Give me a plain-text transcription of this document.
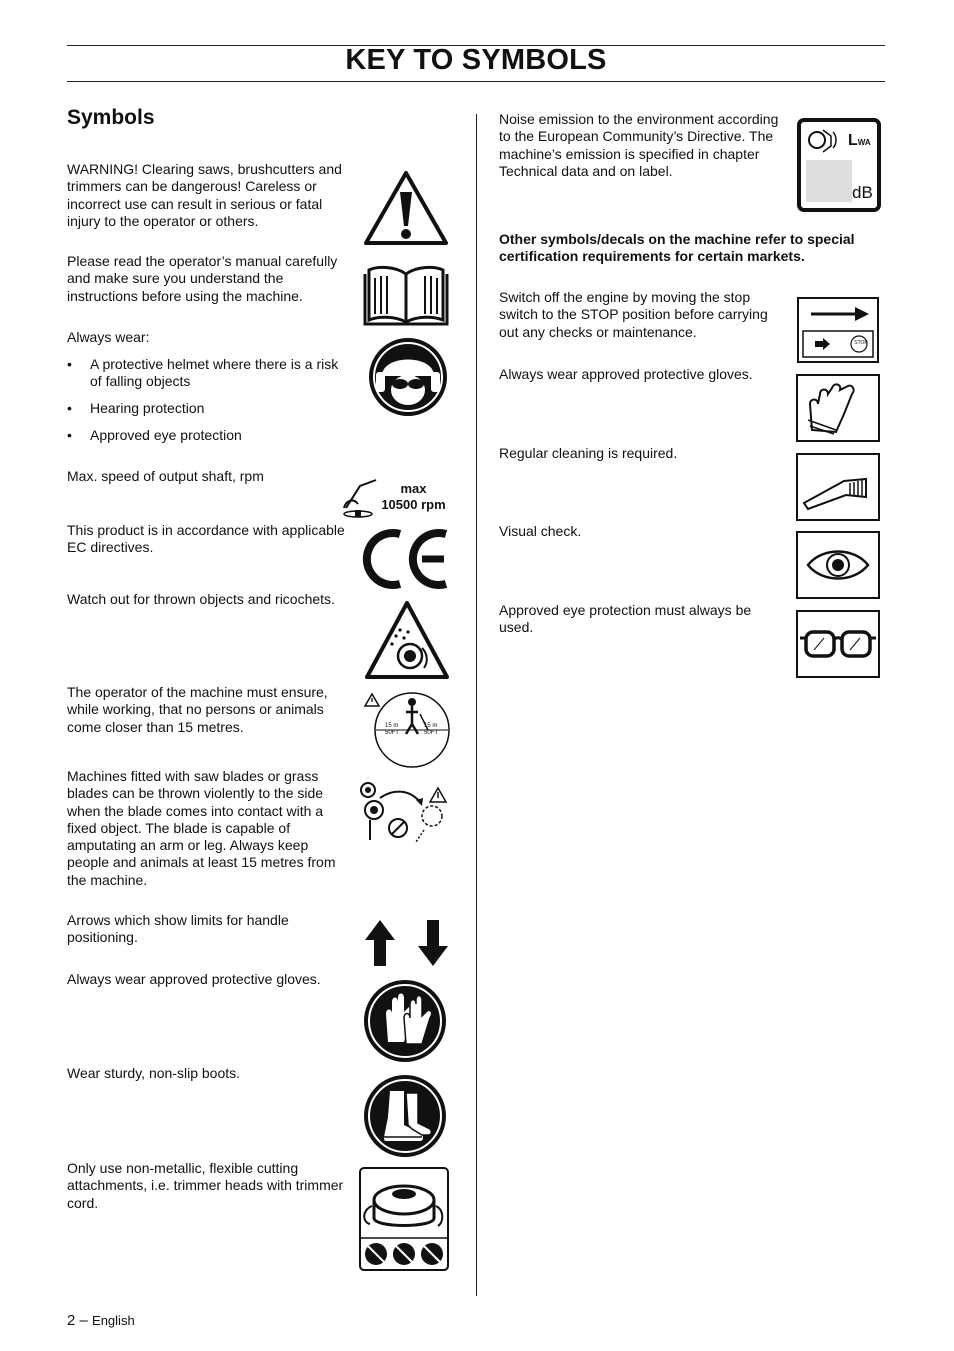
KEY TO SYMBOLS
Symbols
WARNING! Clearing saws, brushcutters and trimmers can be dangerous! Careless or incorrect use can result in serious or fatal injury to the operator or others.
Please read the operator’s manual carefully and make sure you understand the instructions before using the machine.
Always wear:
• A protective helmet where there is a risk of falling objects
• Hearing protection
• Approved eye protection
Max. speed of output shaft, rpm
This product is in accordance with applicable EC directives.
Watch out for thrown objects and ricochets.
The operator of the machine must ensure, while working, that no persons or animals come closer than 15 metres.
Machines fitted with saw blades or grass blades can be thrown violently to the side when the blade comes into contact with a fixed object. The blade is capable of amputating an arm or leg. Always keep people and animals at least 15 metres from the machine.
Arrows which show limits for handle positioning.
Always wear approved protective gloves.
Wear sturdy, non-slip boots.
Only use non-metallic, flexible cutting attachments, i.e. trimmer heads with trimmer cord.
max
10500 rpm
15 m
50FT
15 m
50FT
Noise emission to the environment according to the European Community’s Directive. The machine’s emission is specified in chapter Technical data and on label.
Other symbols/decals on the machine refer to special certification requirements for certain markets.
Switch off the engine by moving the stop switch to the STOP position before carrying out any checks or maintenance.
Always wear approved protective gloves.
Regular cleaning is required.
Visual check.
Approved eye protection must always be used.
LWA
dB
STOP
2 – English
